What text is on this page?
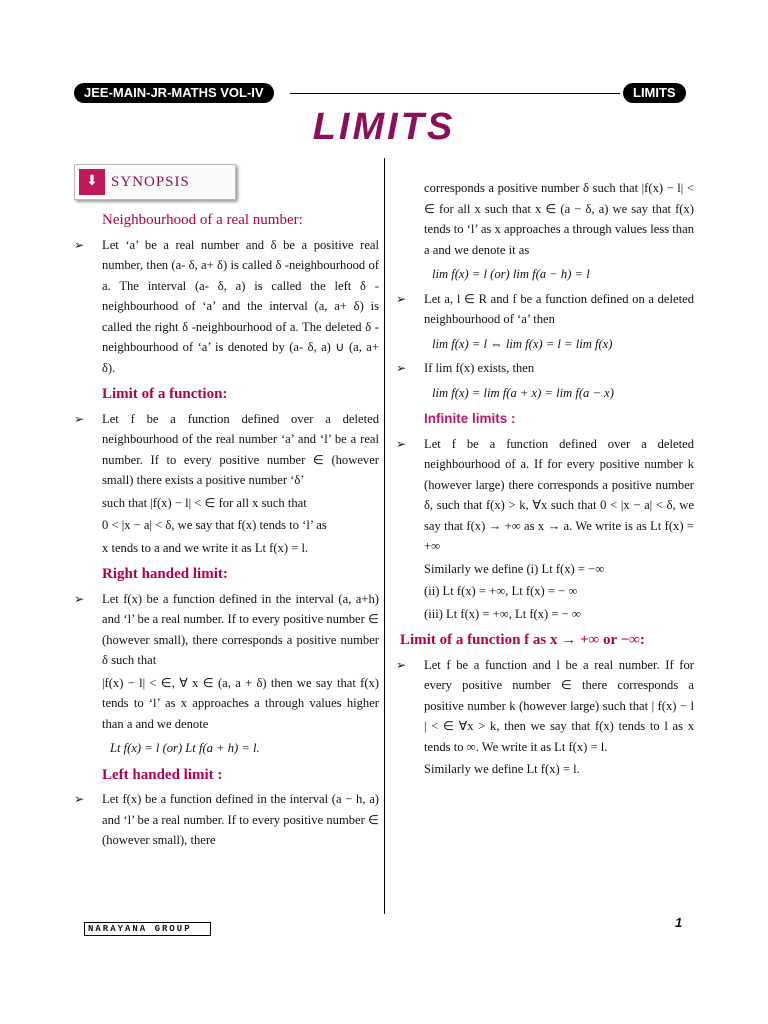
JEE-MAIN-JR-MATHS VOL-IV	LIMITS
LIMITS
⬇ SYNOPSIS
Neighbourhood of a real number:
➢	Let ‘a’ be a real number and δ be a positive real number, then (a- δ, a+ δ) is called δ -neighbourhood of a. The interval (a- δ, a) is called the left δ - neighbourhood of ‘a’ and the interval (a, a+ δ) is called the right δ -neighbourhood of a. The deleted δ -neighbourhood of ‘a’ is denoted by (a- δ, a) ∪ (a, a+ δ).
Limit of a function:
➢	Let f be a function defined over a deleted neighbourhood of the real number ‘a’ and ‘l’ be a real number. If to every positive number ∈ (however small) there exists a positive number ‘δ’
such that |f(x) − l| < ∈ for all x such that
0 < |x − a| < δ, we say that f(x) tends to ‘l’ as
x tends to a and we write it as Lt f(x) = l.
Right handed limit:
➢	Let f(x) be a function defined in the interval (a, a+h) and ‘l’ be a real number. If to every positive number ∈ (however small), there corresponds a positive number δ such that
|f(x) − l| < ∈, ∀ x ∈ (a, a + δ) then we say that f(x) tends to ‘l’ as x approaches a through values higher than a and we denote
Lt f(x) = l (or) Lt f(a + h) = l.
Left handed limit :
➢	Let f(x) be a function defined in the interval (a − h, a) and ‘l’ be a real number. If to every positive number ∈ (however small), there
corresponds a positive number δ such that |f(x) − l| < ∈ for all x such that x ∈ (a − δ, a) we say that f(x) tends to ‘l’ as x approaches a through values less than a and we denote it as
lim f(x) = l (or) lim f(a − h) = l
➢	Let a, l ∈ R and f be a function defined on a deleted neighbourhood of ‘a’ then
lim f(x) = l ⇔ lim f(x) = l = lim f(x)
➢	If lim f(x) exists, then
lim f(x) = lim f(a + x) = lim f(a − x)
Infinite limits :
➢	Let f be a function defined over a deleted neighbourhood of a. If for every positive number k (however large) there corresponds a positive number δ, such that f(x) > k, ∀x such that 0 < |x − a| < δ, we say that f(x) → +∞ as x → a. We write is as Lt f(x) = +∞
Similarly we define (i) Lt f(x) = −∞
(ii) Lt f(x) = +∞, Lt f(x) = − ∞
(iii) Lt f(x) = +∞, Lt f(x) = − ∞
Limit of a function f as x → +∞ or −∞:
➢	Let f be a function and l be a real number. If for every positive number ∈ there corresponds a positive number k (however large) such that | f(x) − l | < ∈ ∀x > k, then we say that f(x) tends to l as x tends to ∞. We write it as Lt f(x) = l.
Similarly we define Lt f(x) = l.
NARAYANA GROUP	1
